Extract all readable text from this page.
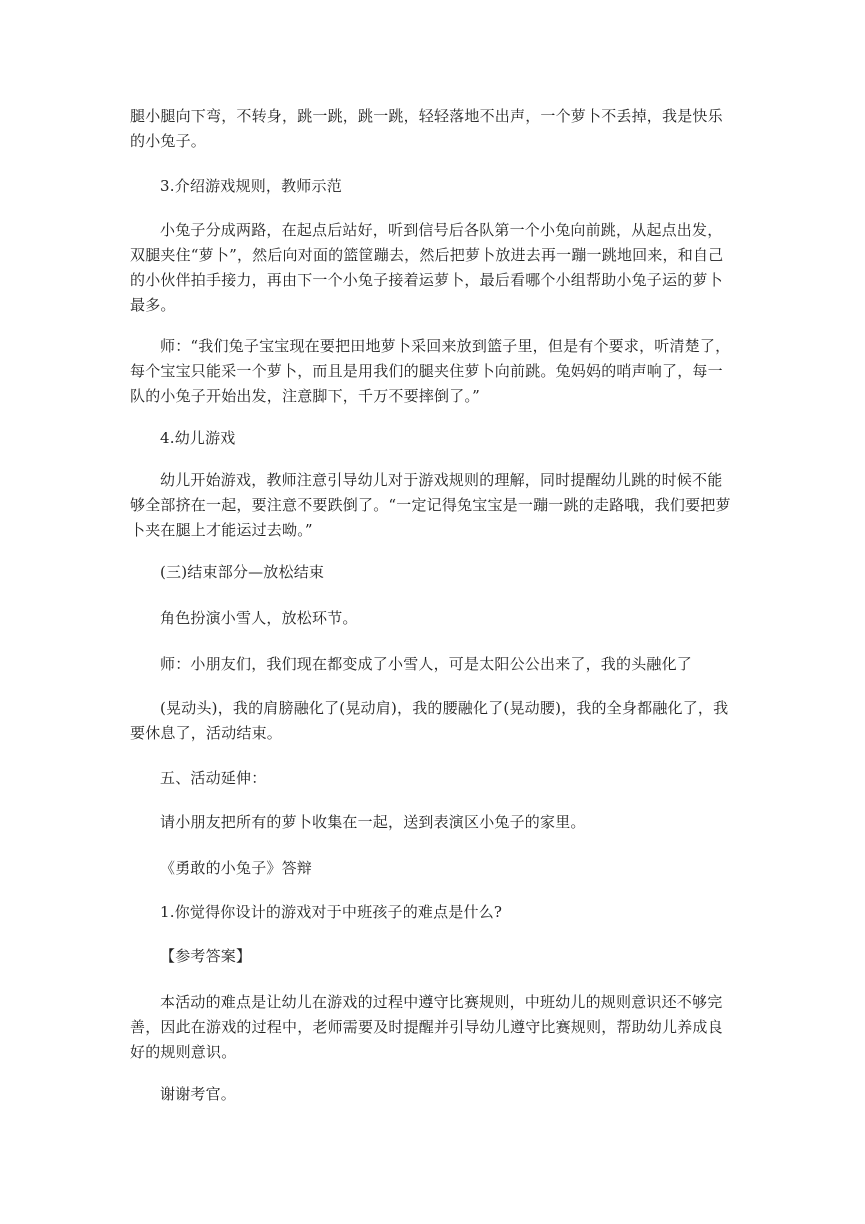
腿小腿向下弯，不转身，跳一跳，跳一跳，轻轻落地不出声，一个萝卜不丢掉，我是快乐
的小兔子。

3.介绍游戏规则，教师示范

小兔子分成两路，在起点后站好，听到信号后各队第一个小兔向前跳，从起点出发，
双腿夹住“萝卜”，然后向对面的篮筐蹦去，然后把萝卜放进去再一蹦一跳地回来，和自己
的小伙伴拍手接力，再由下一个小兔子接着运萝卜，最后看哪个小组帮助小兔子运的萝卜
最多。

师：“我们兔子宝宝现在要把田地萝卜采回来放到篮子里，但是有个要求，听清楚了，
每个宝宝只能采一个萝卜，而且是用我们的腿夹住萝卜向前跳。兔妈妈的哨声响了，每一
队的小兔子开始出发，注意脚下，千万不要摔倒了。”

4.幼儿游戏

幼儿开始游戏，教师注意引导幼儿对于游戏规则的理解，同时提醒幼儿跳的时候不能
够全部挤在一起，要注意不要跌倒了。“一定记得兔宝宝是一蹦一跳的走路哦，我们要把萝
卜夹在腿上才能运过去呦。”

(三)结束部分—放松结束

角色扮演小雪人，放松环节。

师：小朋友们，我们现在都变成了小雪人，可是太阳公公出来了，我的头融化了

(晃动头)，我的肩膀融化了(晃动肩)，我的腰融化了(晃动腰)，我的全身都融化了，我
要休息了，活动结束。

五、活动延伸：

请小朋友把所有的萝卜收集在一起，送到表演区小兔子的家里。

《勇敢的小兔子》答辩

1.你觉得你设计的游戏对于中班孩子的难点是什么?

【参考答案】

本活动的难点是让幼儿在游戏的过程中遵守比赛规则，中班幼儿的规则意识还不够完
善，因此在游戏的过程中，老师需要及时提醒并引导幼儿遵守比赛规则，帮助幼儿养成良
好的规则意识。

谢谢考官。
